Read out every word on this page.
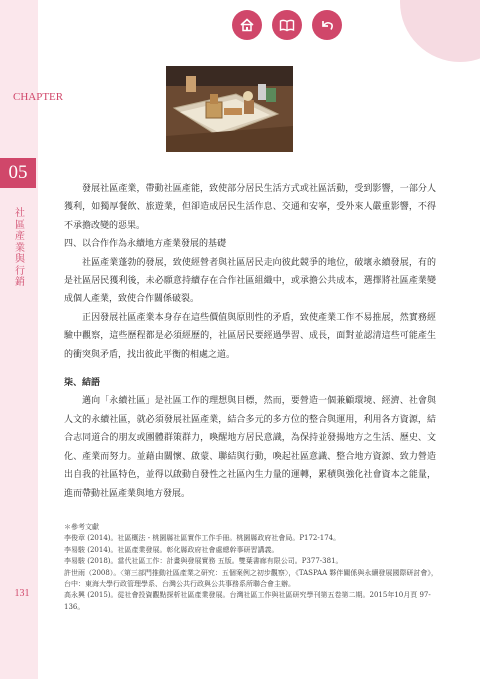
CHAPTER
05
社區產業與行銷
131

發展社區產業，帶動社區產能，致使部分居民生活方式或社區活動，受到影響，一部分人獲利，如獨厚餐飲、旅遊業，但卻造成居民生活作息、交通和安寧，受外來人嚴重影響，不得不承擔改變的惡果。

四、以合作作為永續地方產業發展的基礎

社區產業蓬勃的發展，致使經營者與社區居民走向彼此競爭的地位，破壞永續發展，有的是社區居民獲利後，未必願意持續存在合作社區組織中，或承擔公共成本，選擇將社區產業變成個人產業，致使合作關係破裂。

正因發展社區產業本身存在這些價值與原則性的矛盾，致使產業工作不易推展，然實務經驗中觀察，這些歷程都是必須經歷的，社區居民要經過學習、成長，面對並認清這些可能產生的衝突與矛盾，找出彼此平衡的相處之道。

柒、結語

邁向「永續社區」是社區工作的理想與目標，然而，要營造一個兼顧環境、經濟、社會與人文的永續社區，就必須發展社區產業，結合多元的多方位的整合與運用，利用各方資源，結合志同道合的朋友或團體群策群力，喚醒地方居民意識，為保持並發揚地方之生活、歷史、文化、產業而努力。並藉由關懷、啟蒙、聯結與行動，喚起社區意識、整合地方資源、致力營造出自我的社區特色，並得以啟動自發性之社區內生力量的運轉，累積與強化社會資本之能量，進而帶動社區產業與地方發展。

＊參考文獻

李俊章 (2014)。社區概法 - 桃園縣社區實作工作手冊。桃園縣政府社會局。P172-174。

李易駿 (2014)。社區產業發展。彰化縣政府社會處總幹事研習講義。

李易駿 (2018)。當代社區工作：計畫與發展實務 五版。雙葉書廊有限公司。P377-381。

許世雨（2008）。〈第三部門推動社區產業之研究：五個案例之初步觀察〉，《TASPAA 夥伴關係與永續發展國際研討會》，台中：東海大學行政管理學系、台灣公共行政與公共事務系所聯合會主辦。

高永興 (2015)。從社會投資觀點探析社區產業發展。台灣社區工作與社區研究學刊第五卷第二期。2015年10月頁 97-136。
